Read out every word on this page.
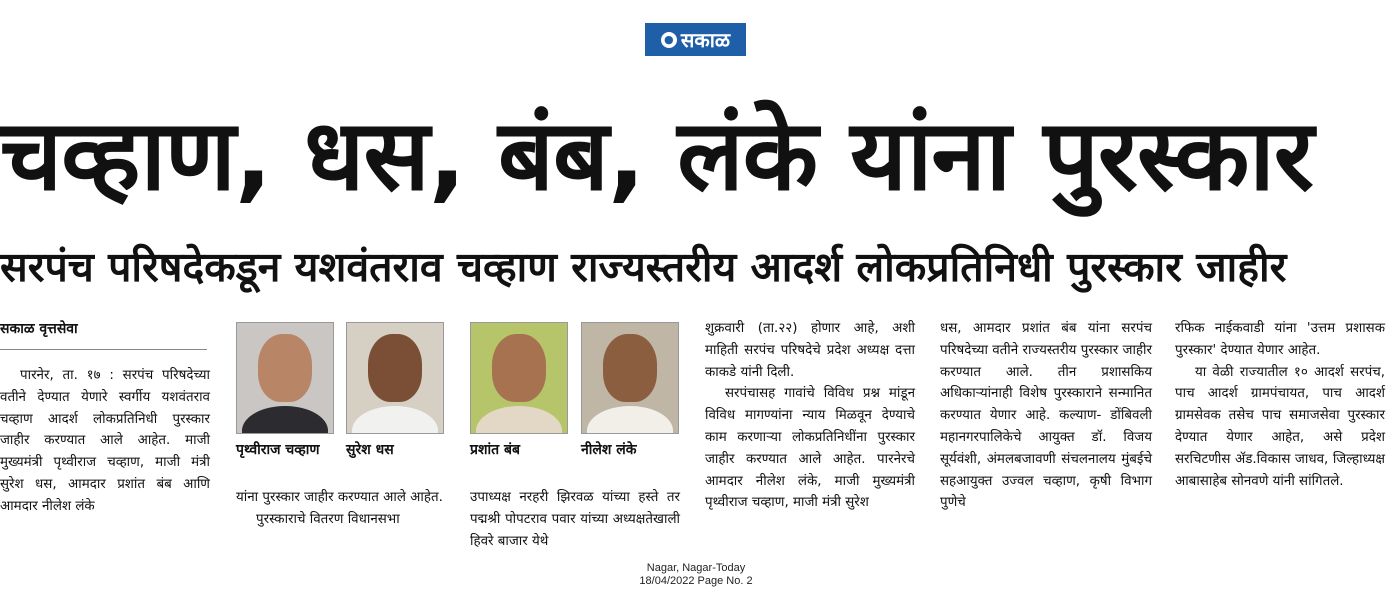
● सकाळ
चव्हाण, धस, बंब, लंके यांना पुरस्कार
सरपंच परिषदेकडून यशवंतराव चव्हाण राज्यस्तरीय आदर्श लोकप्रतिनिधी पुरस्कार जाहीर
सकाळ वृत्तसेवा

पारनेर, ता. १७ : सरपंच परिषदेच्या वतीने देण्यात येणारे स्वर्गीय यशवंतराव चव्हाण आदर्श लोकप्रतिनिधी पुरस्कार जाहीर करण्यात आले आहेत. माजी मुख्यमंत्री पृथ्वीराज चव्हाण, माजी मंत्री सुरेश धस, आमदार प्रशांत बंब आणि आमदार नीलेश लंके

पृथ्वीराज चव्हाण सुरेश धस	प्रशांत बंब	नीलेश लंके

यांना पुरस्कार जाहीर करण्यात आले आहेत.

पुरस्काराचे वितरण विधानसभा

उपाध्यक्ष नरहरी झिरवळ यांच्या हस्ते तर पद्मश्री पोपटराव पवार यांच्या अध्यक्षतेखाली हिवरे बाजार येथे

शुक्रवारी (ता.२२) होणार आहे, अशी माहिती सरपंच परिषदेचे प्रदेश अध्यक्ष दत्ता काकडे यांनी दिली.

सरपंचासह गावांचे विविध प्रश्न मांडून विविध मागण्यांना न्याय मिळवून देण्याचे काम करणाऱ्या लोकप्रतिनिधींना पुरस्कार जाहीर करण्यात आले आहेत. पारनेरचे आमदार नीलेश लंके, माजी मुख्यमंत्री पृथ्वीराज चव्हाण, माजी मंत्री सुरेश

धस, आमदार प्रशांत बंब यांना सरपंच परिषदेच्या वतीने राज्यस्तरीय पुरस्कार जाहीर करण्यात आले. तीन प्रशासकिय अधिकाऱ्यांनाही विशेष पुरस्काराने सन्मानित करण्यात येणार आहे. कल्याण- डोंबिवली महानगरपालिकेचे आयुक्त डॉ. विजय सूर्यवंशी, अंमलबजावणी संचलनालय मुंबईचे सहआयुक्त उज्वल चव्हाण, कृषी विभाग पुणेचे

रफिक नाईकवाडी यांना 'उत्तम प्रशासक पुरस्कार' देण्यात येणार आहेत.

या वेळी राज्यातील १० आदर्श सरपंच, पाच आदर्श ग्रामपंचायत, पाच आदर्श ग्रामसेवक तसेच पाच समाजसेवा पुरस्कार देण्यात येणार आहेत, असे प्रदेश सरचिटणीस ॲड.विकास जाधव, जिल्हाध्यक्ष आबासाहेब सोनवणे यांनी सांगितले.

Nagar, Nagar-Today
18/04/2022 Page No. 2
